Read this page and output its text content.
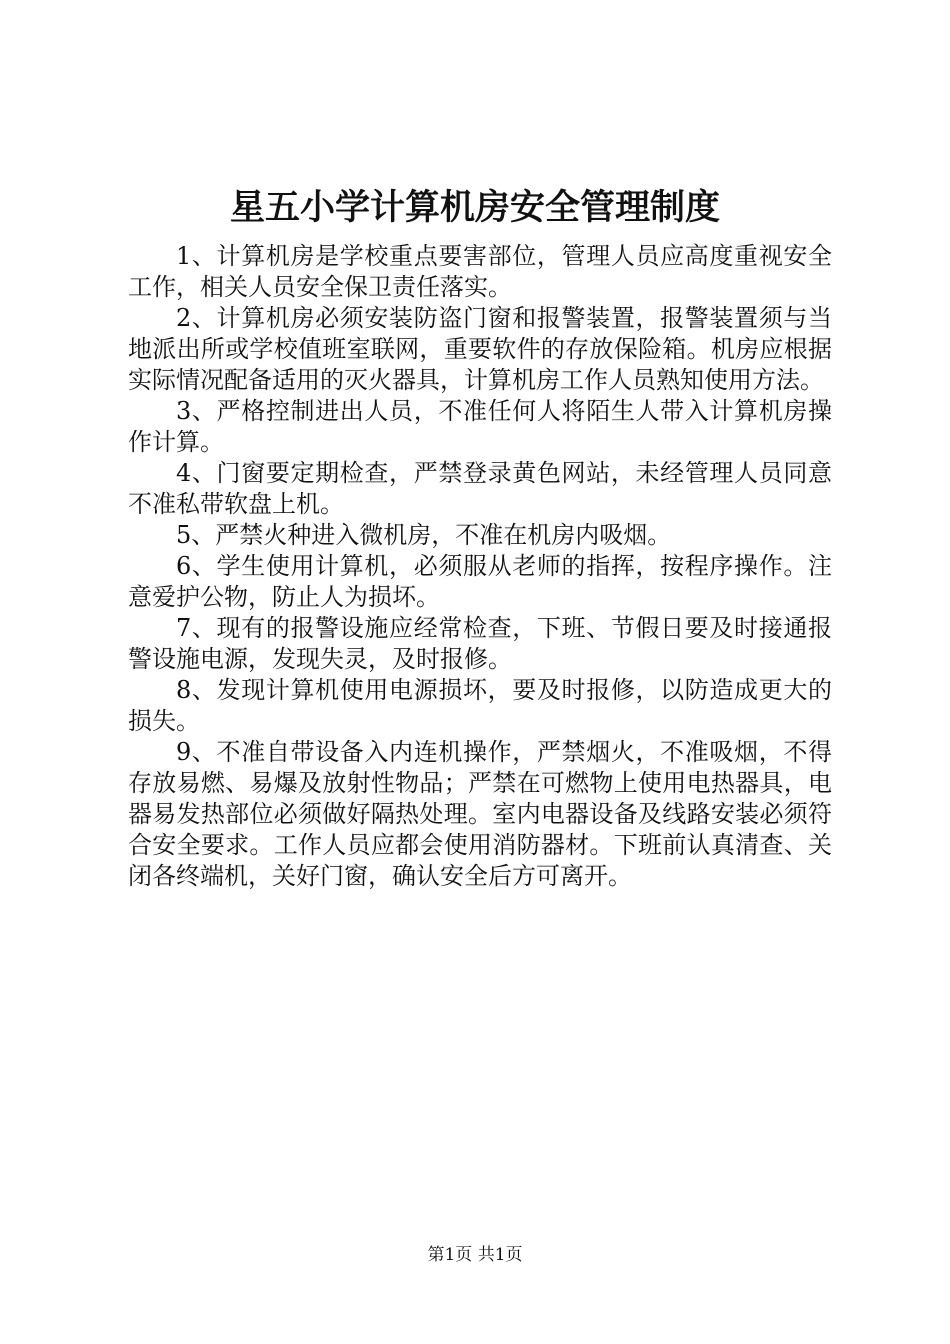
星五小学计算机房安全管理制度

1、计算机房是学校重点要害部位，管理人员应高度重视安全工作，相关人员安全保卫责任落实。

2、计算机房必须安装防盗门窗和报警装置，报警装置须与当地派出所或学校值班室联网，重要软件的存放保险箱。机房应根据实际情况配备适用的灭火器具，计算机房工作人员熟知使用方法。

3、严格控制进出人员，不准任何人将陌生人带入计算机房操作计算。

4、门窗要定期检查，严禁登录黄色网站，未经管理人员同意不准私带软盘上机。

5、严禁火种进入微机房，不准在机房内吸烟。

6、学生使用计算机，必须服从老师的指挥，按程序操作。注意爱护公物，防止人为损坏。

7、现有的报警设施应经常检查，下班、节假日要及时接通报警设施电源，发现失灵，及时报修。

8、发现计算机使用电源损坏，要及时报修，以防造成更大的损失。

9、不准自带设备入内连机操作，严禁烟火，不准吸烟，不得存放易燃、易爆及放射性物品；严禁在可燃物上使用电热器具，电器易发热部位必须做好隔热处理。室内电器设备及线路安装必须符合安全要求。工作人员应都会使用消防器材。下班前认真清查、关闭各终端机，关好门窗，确认安全后方可离开。

第1页 共1页
